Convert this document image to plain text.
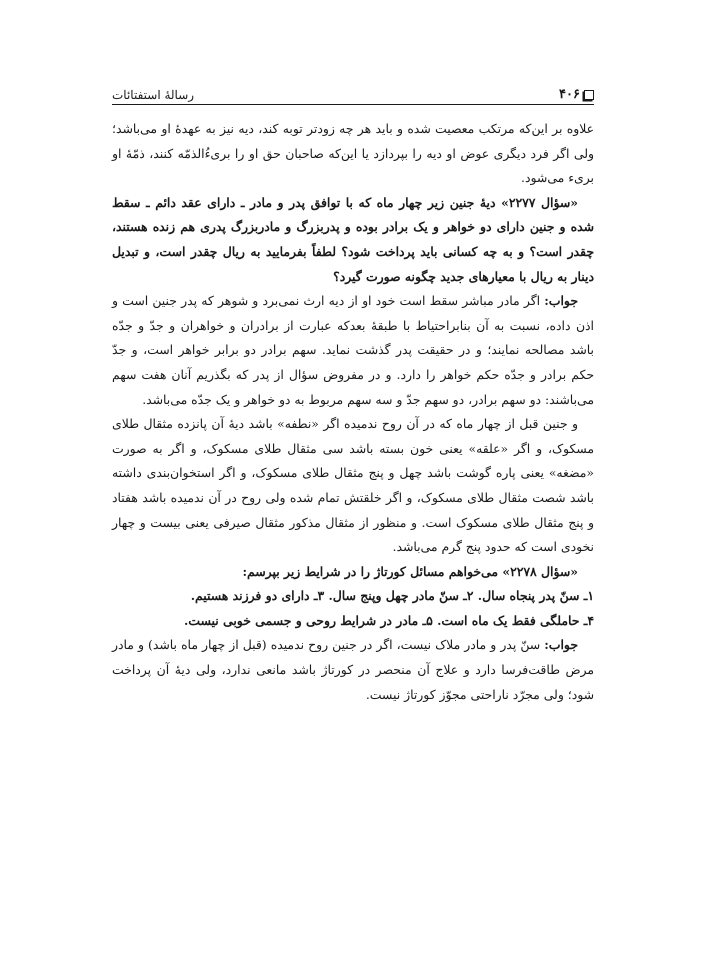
۴۰۶
رسالۀ استفتائات

علاوه بر این‌که مرتکب معصیت شده و باید هر چه زودتر توبه کند، دیه نیز به عهدۀ او می‌باشد؛ ولی اگر فرد دیگری عوض او دیه را بپردازد یا این‌که صاحبان حق او را بریءُالذمّه کنند، ذمّۀ او بریء می‌شود.

«سؤال ۲۲۷۷» دیۀ جنین زیر چهار ماه که با توافق پدر و مادر ـ دارای عقد دائم ـ سقط شده و جنین دارای دو خواهر و یک برادر بوده و پدربزرگ و مادربزرگ پدری هم زنده هستند، چقدر است؟ و به چه کسانی باید پرداخت شود؟ لطفاً بفرمایید به ریال چقدر است، و تبدیل دینار به ریال با معیارهای جدید چگونه صورت گیرد؟

جواب: اگر مادر مباشر سقط است خود او از دیه ارث نمی‌برد و شوهر که پدر جنین است و اذن داده، نسبت به آن بنابراحتیاط با طبقۀ بعدکه عبارت از برادران و خواهران و جدّ و جدّه باشد مصالحه نمایند؛ و در حقیقت پدر گذشت نماید. سهم برادر دو برابر خواهر است، و جدّ حکم برادر و جدّه حکم خواهر را دارد. و در مفروض سؤال از پدر که بگذریم آنان هفت سهم می‌باشند: دو سهم برادر، دو سهم جدّ و سه سهم مربوط به دو خواهر و یک جدّه می‌باشد.

و جنین قبل از چهار ماه که در آن روح ندمیده اگر «نطفه» باشد دیۀ آن پانزده مثقال طلای مسکوک، و اگر «علقه» یعنی خون بسته باشد سی مثقال طلای مسکوک، و اگر به صورت «مضغه» یعنی پاره گوشت باشد چهل و پنج مثقال طلای مسکوک، و اگر استخوان‌بندی داشته باشد شصت مثقال طلای مسکوک، و اگر خلقتش تمام شده ولی روح در آن ندمیده باشد هفتاد و پنج مثقال طلای مسکوک است. و منظور از مثقال مذکور مثقال صیرفی یعنی بیست و چهار نخودی است که حدود پنج گرم می‌باشد.

«سؤال ۲۲۷۸» می‌خواهم مسائل کورتاژ را در شرایط زیر بپرسم:

۱ـ سنّ پدر پنجاه سال. ۲ـ سنّ مادر چهل وپنج سال. ۳ـ دارای دو فرزند هستیم.

۴ـ حاملگی فقط یک ماه است. ۵ـ مادر در شرایط روحی و جسمی خوبی نیست.

جواب: سنّ پدر و مادر ملاک نیست، اگر در جنین روح ندمیده (قبل از چهار ماه باشد) و مادر مرض طاقت‌فرسا دارد و علاج آن منحصر در کورتاژ باشد مانعی ندارد، ولی دیۀ آن پرداخت شود؛ ولی مجرّد ناراحتی مجوّز کورتاژ نیست.
